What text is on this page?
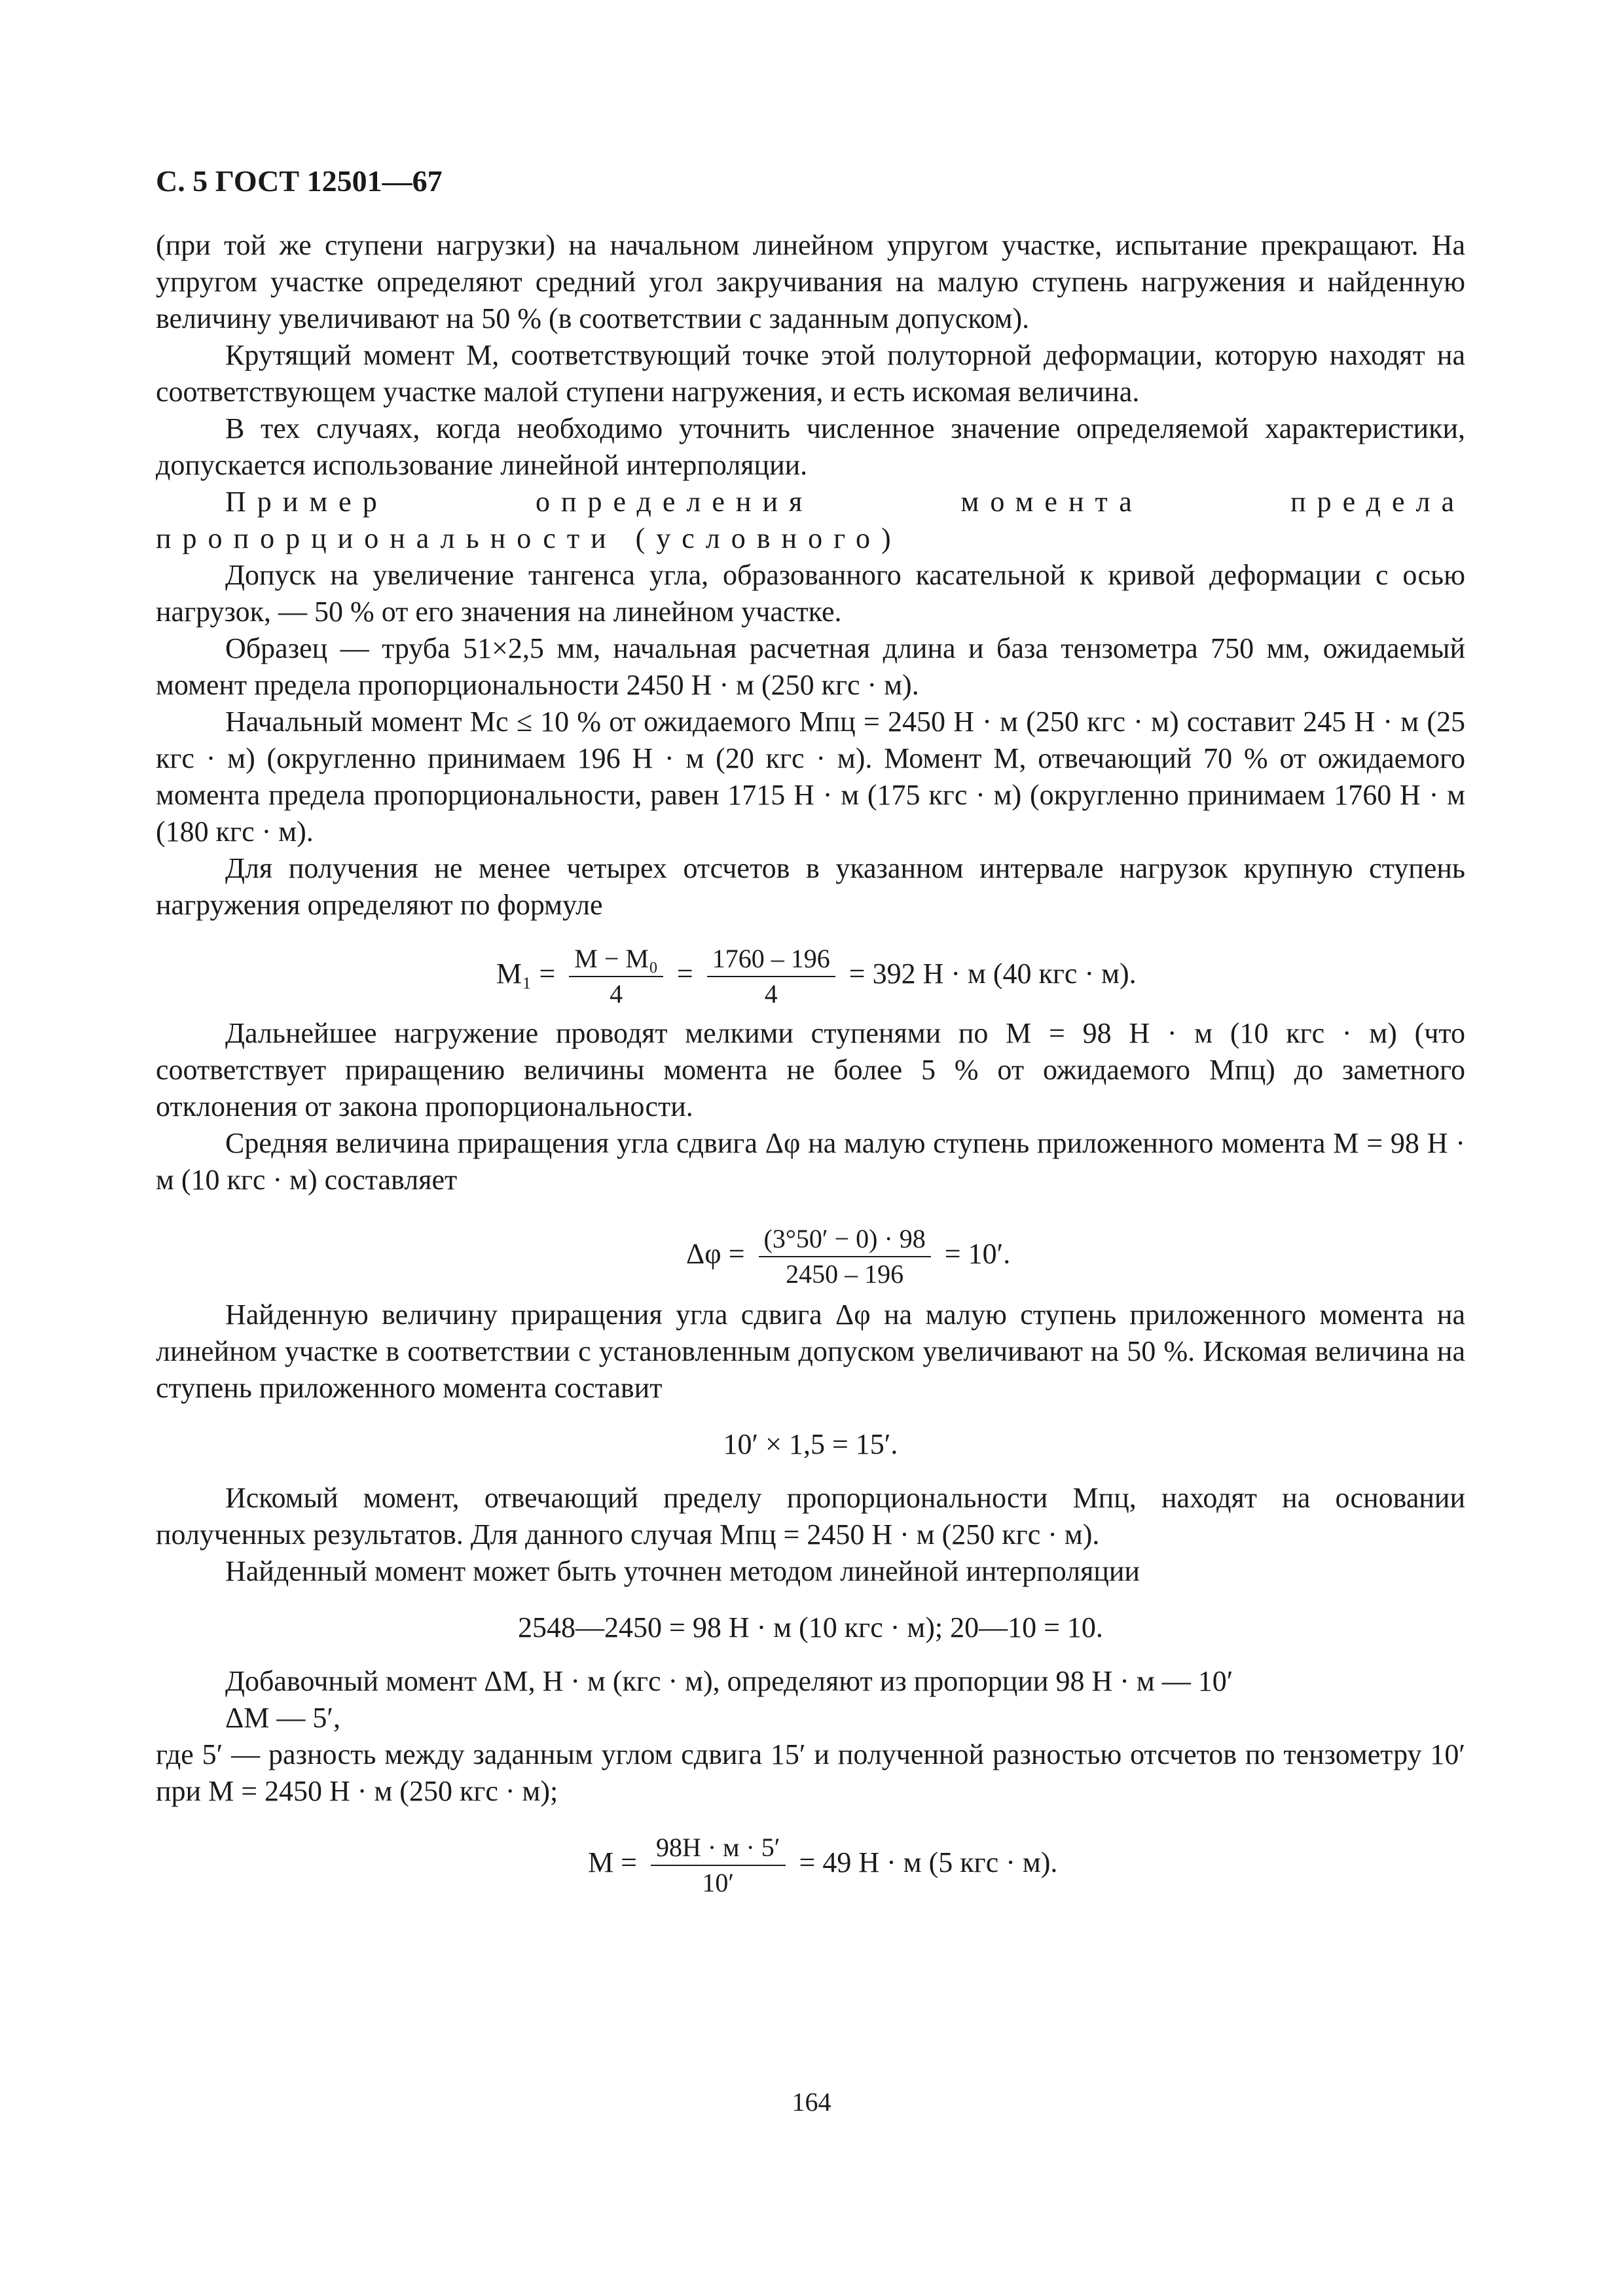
С. 5 ГОСТ 12501—67

(при той же ступени нагрузки) на начальном линейном упругом участке, испытание прекращают. На упругом участке определяют средний угол закручивания на малую ступень нагружения и найденную величину увеличивают на 50 % (в соответствии с заданным допуском).

Крутящий момент М, соответствующий точке этой полуторной деформации, которую находят на соответствующем участке малой ступени нагружения, и есть искомая величина.

В тех случаях, когда необходимо уточнить численное значение определяемой характеристики, допускается использование линейной интерполяции.

Пример определения момента предела пропорциональности (условного)

Допуск на увеличение тангенса угла, образованного касательной к кривой деформации с осью нагрузок, — 50 % от его значения на линейном участке.

Образец — труба 51×2,5 мм, начальная расчетная длина и база тензометра 750 мм, ожидаемый момент предела пропорциональности 2450 Н · м (250 кгс · м).

Начальный момент Мс ≤ 10 % от ожидаемого Мпц = 2450 Н · м (250 кгс · м) составит 245 Н · м (25 кгс · м) (округленно принимаем 196 Н · м (20 кгс · м). Момент М, отвечающий 70 % от ожидаемого момента предела пропорциональности, равен 1715 Н · м (175 кгс · м) (округленно принимаем 1760 Н · м (180 кгс · м).

Для получения не менее четырех отсчетов в указанном интервале нагрузок крупную ступень нагружения определяют по формуле

$M_1 = \frac{\text{M − M₀}}{4} = \frac{1760 - 196}{4} = 392$ Н · м (40 кгс · м).

Дальнейшее нагружение проводят мелкими ступенями по М = 98 Н · м (10 кгс · м) (что соответствует приращению величины момента не более 5 % от ожидаемого Мпц) до заметного отклонения от закона пропорциональности.

Средняя величина приращения угла сдвига Δφ на малую ступень приложенного момента М = 98 Н · м (10 кгс · м) составляет

$\Delta\varphi = \frac{(3^\circ 50' - 0) \cdot 98}{2450 - 196} = 10'$.

Найденную величину приращения угла сдвига Δφ на малую ступень приложенного момента на линейном участке в соответствии с установленным допуском увеличивают на 50 %. Искомая величина на ступень приложенного момента составит

10′ × 1,5 = 15′.

Искомый момент, отвечающий пределу пропорциональности Мпц, находят на основании полученных результатов. Для данного случая Мпц = 2450 Н · м (250 кгс · м).

Найденный момент может быть уточнен методом линейной интерполяции

2548—2450 = 98 Н · м (10 кгс · м); 20—10 = 10.

Добавочный момент ΔМ, Н · м (кгс · м), определяют из пропорции 98 Н · м — 10′

ΔМ — 5′,

где 5′ — разность между заданным углом сдвига 15′ и полученной разностью отсчетов по тензометру 10′ при М = 2450 Н · м (250 кгс · м);

$M = \frac{98Н \cdot м \cdot 5'}{10'} = 49$ Н · м (5 кгс · м).
164
